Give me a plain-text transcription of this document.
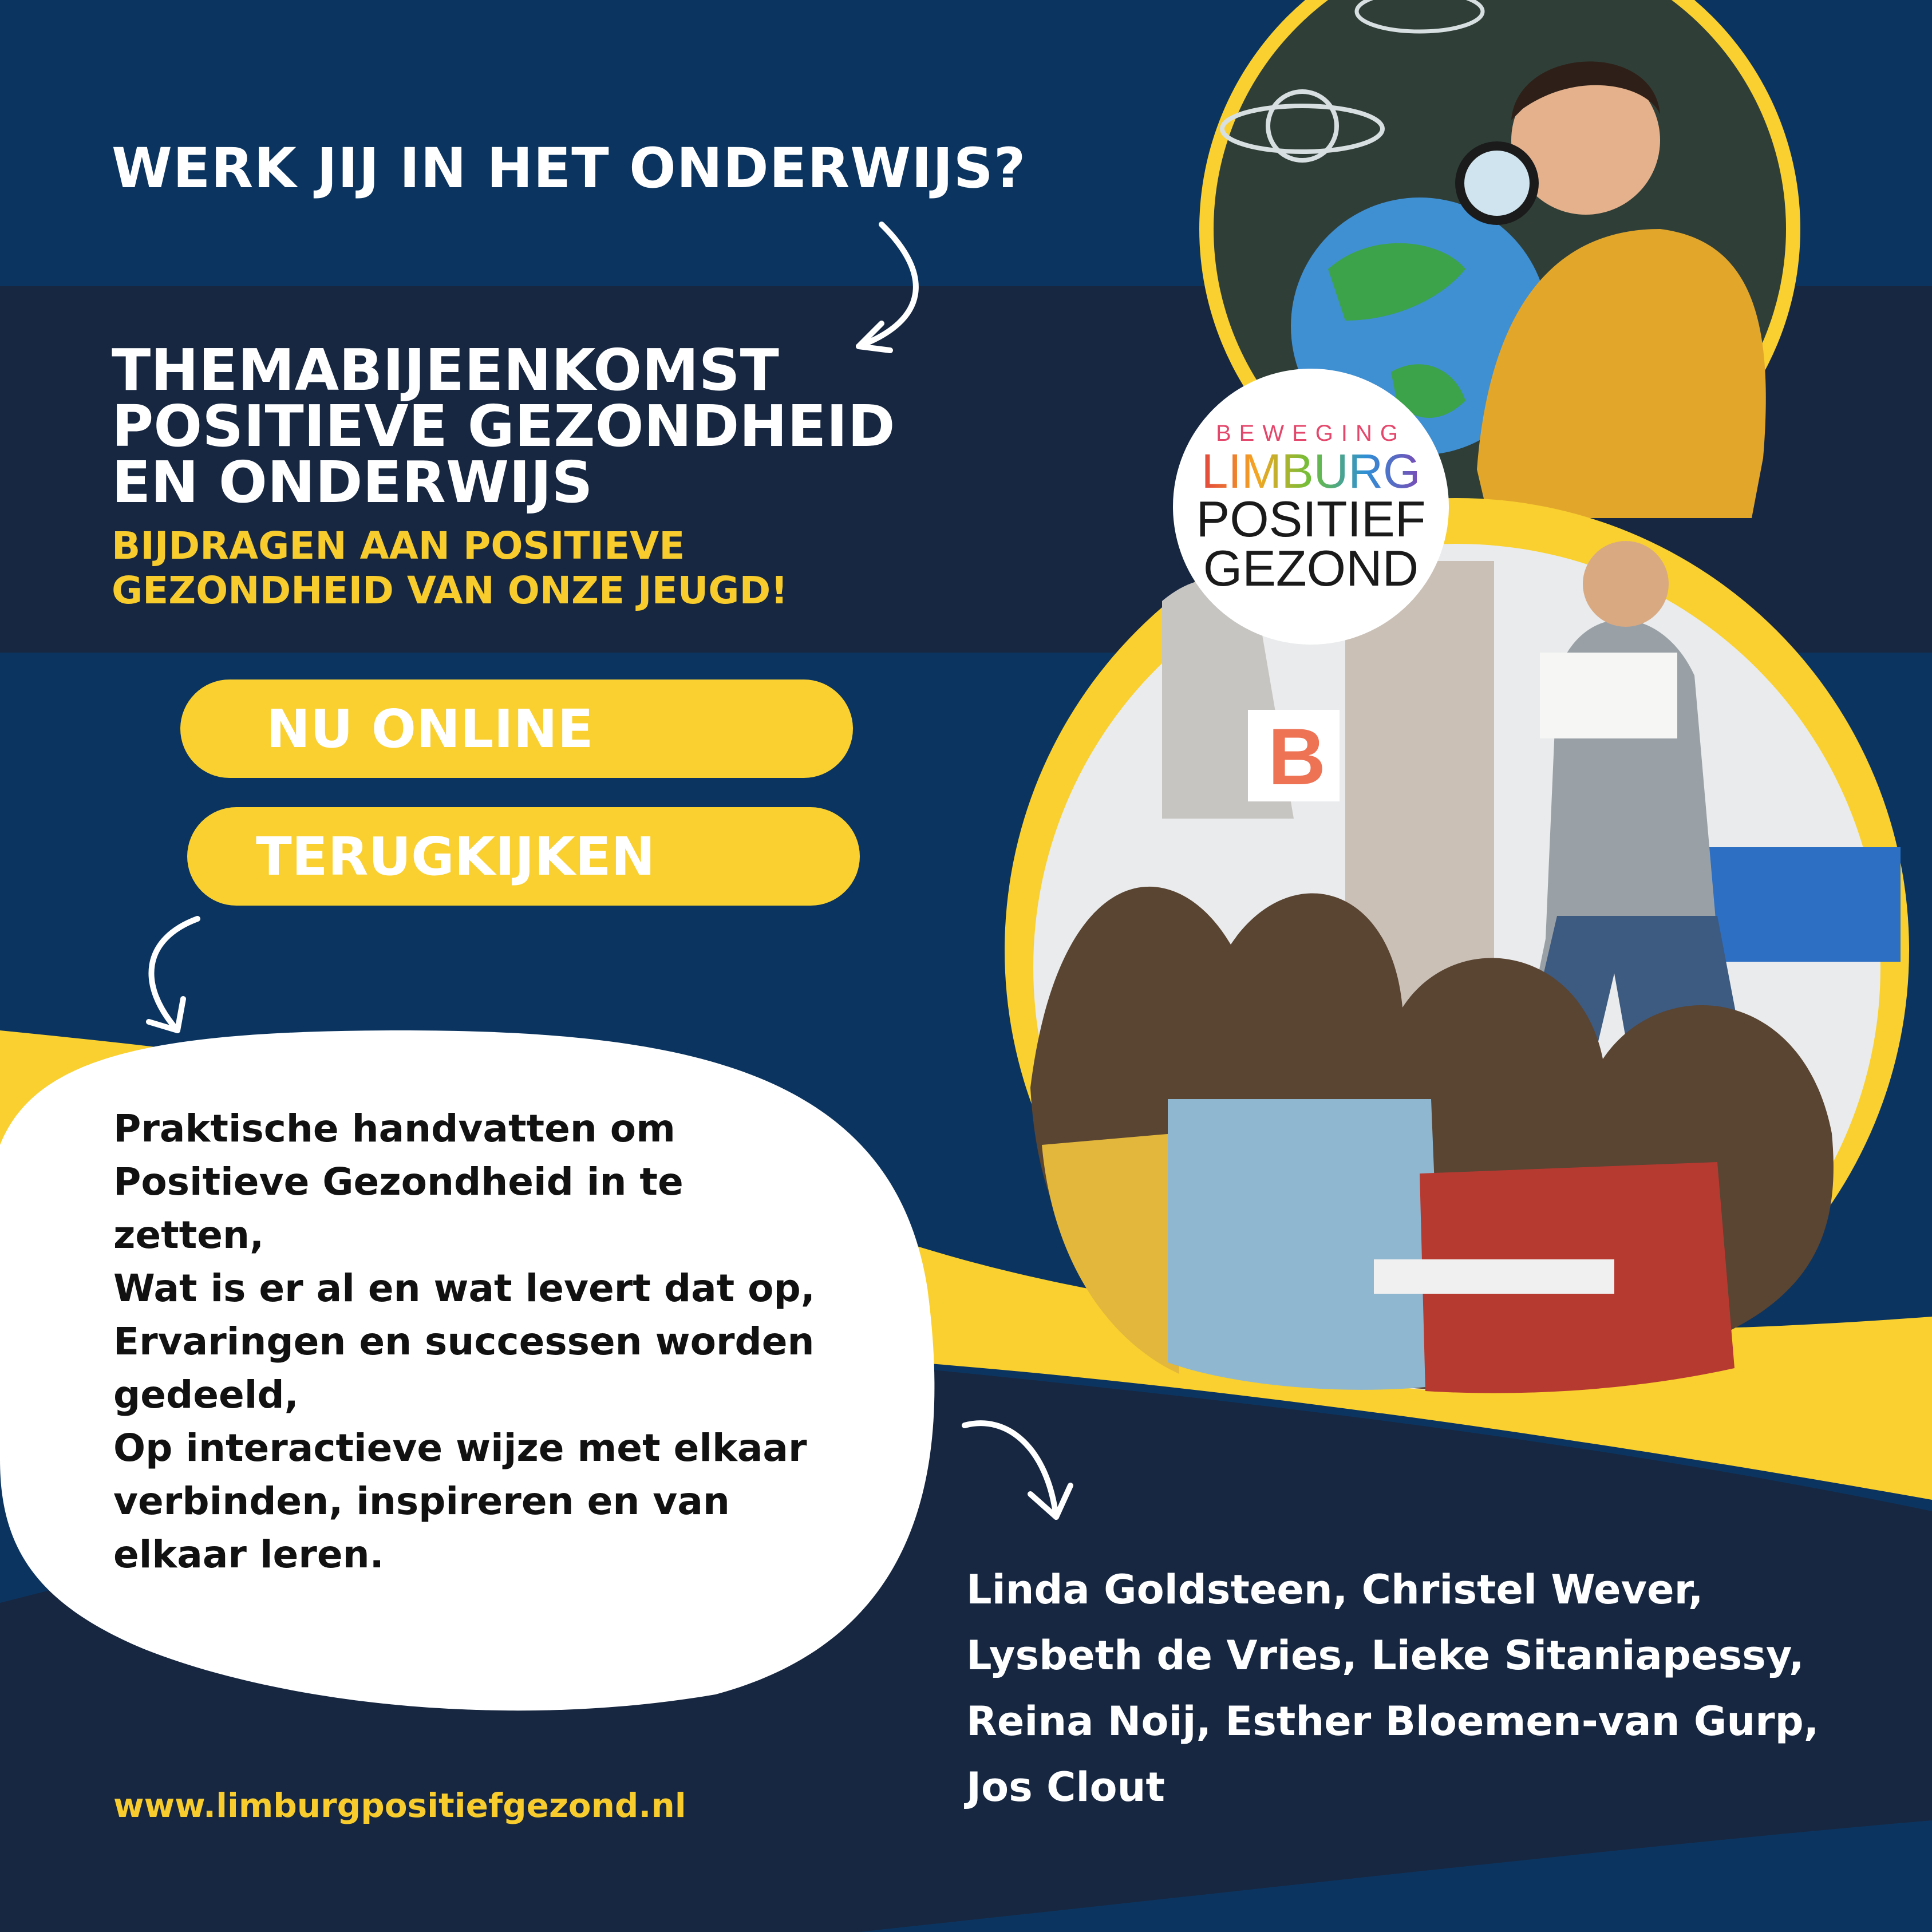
B
BEWEGING
LIMBURG
POSITIEF
GEZOND
WERK JIJ IN HET ONDERWIJS?
THEMABIJEENKOMST
POSITIEVE GEZONDHEID
EN ONDERWIJS
BIJDRAGEN AAN POSITIEVE
GEZONDHEID VAN ONZE JEUGD!
NU ONLINE
TERUGKIJKEN
Praktische handvatten om
Positieve Gezondheid in te
zetten,
Wat is er al en wat levert dat op,
Ervaringen en successen worden
gedeeld,
Op interactieve wijze met elkaar
verbinden, inspireren en van
elkaar leren.
Linda Goldsteen, Christel Wever,
Lysbeth de Vries, Lieke Sitaniapessy,
Reina Noij, Esther Bloemen-van Gurp,
Jos Clout
www.limburgpositiefgezond.nl
